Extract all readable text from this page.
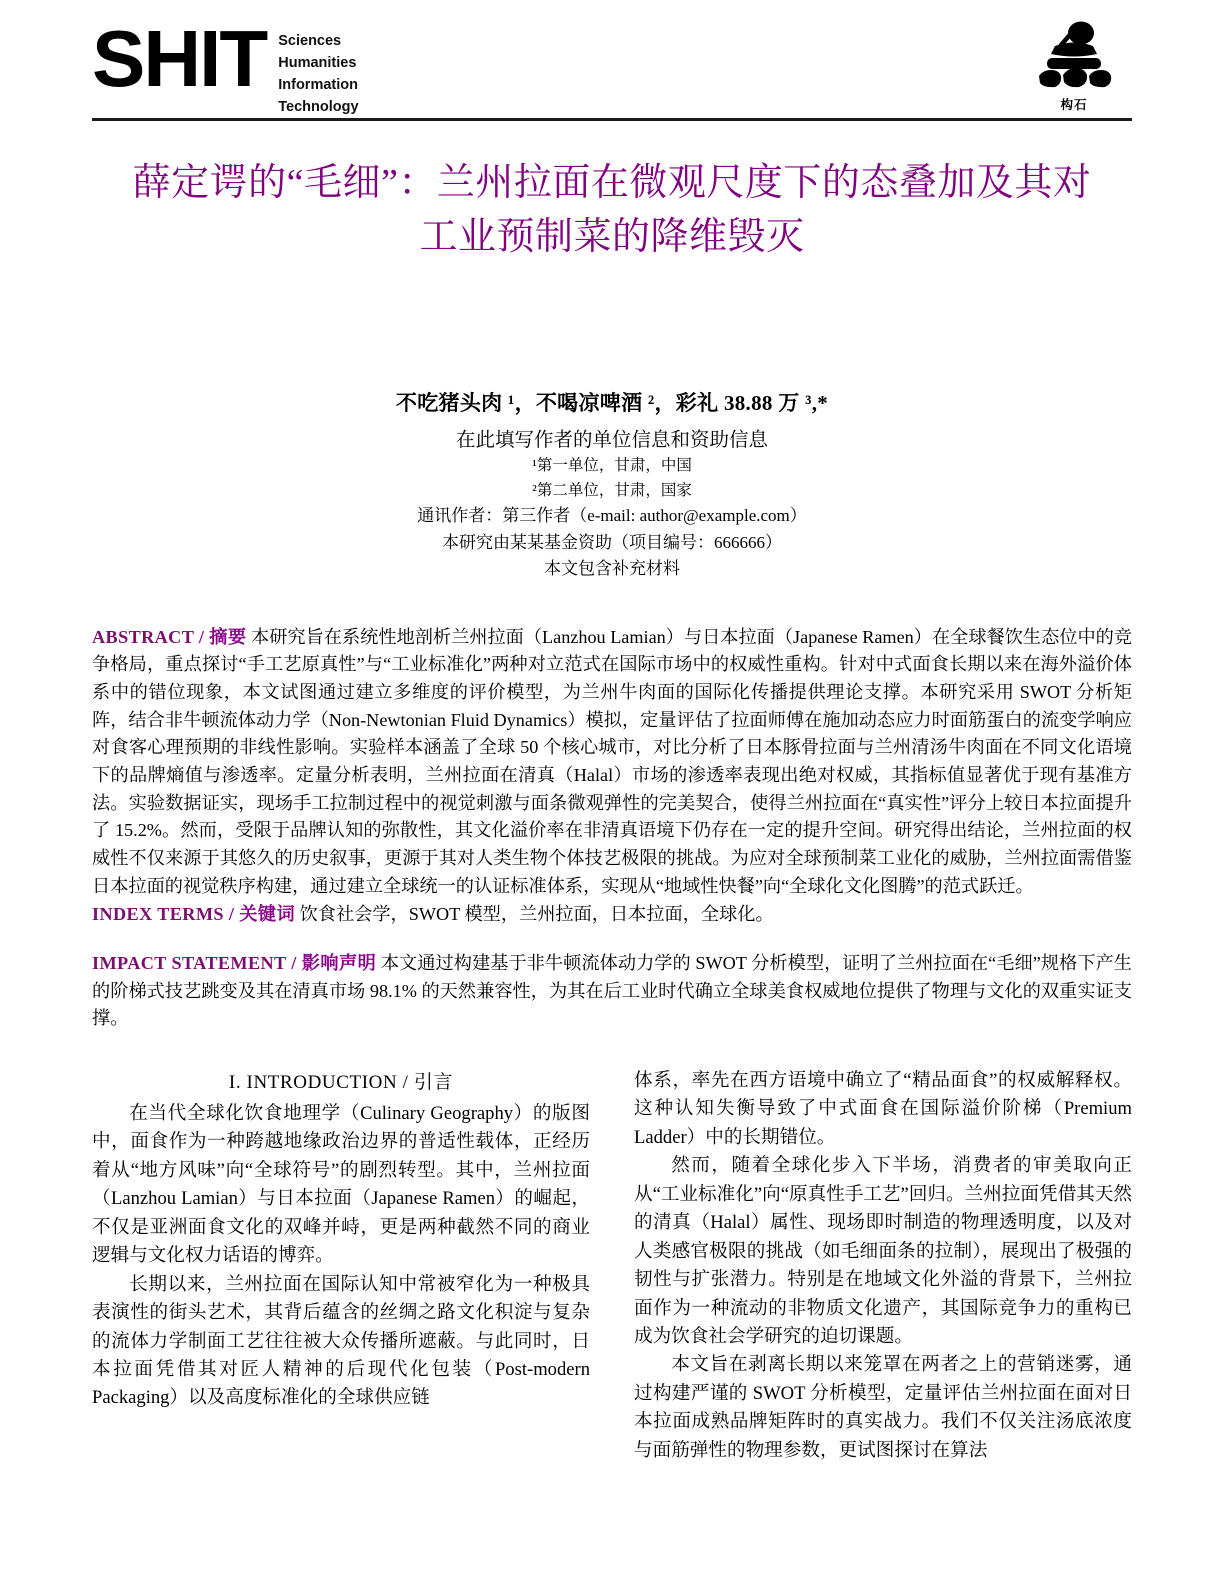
SHIT Sciences
Humanities
Information
Technology	构石
薛定谔的“毛细”：兰州拉面在微观尺度下的态叠加及其对工业预制菜的降维毁灭
不吃猪头肉 ¹，不喝凉啤酒 ²，彩礼 38.88 万 ³,*
在此填写作者的单位信息和资助信息
¹第一单位，甘肃，中国
²第二单位，甘肃，国家
通讯作者：第三作者（e-mail: author@example.com）
本研究由某某基金资助（项目编号：666666）
本文包含补充材料
ABSTRACT / 摘要 本研究旨在系统性地剖析兰州拉面（Lanzhou Lamian）与日本拉面（Japanese Ramen）在全球餐饮生态位中的竞争格局，重点探讨“手工艺原真性”与“工业标准化”两种对立范式在国际市场中的权威性重构。针对中式面食长期以来在海外溢价体系中的错位现象，本文试图通过建立多维度的评价模型，为兰州牛肉面的国际化传播提供理论支撑。本研究采用 SWOT 分析矩阵，结合非牛顿流体动力学（Non-Newtonian Fluid Dynamics）模拟，定量评估了拉面师傅在施加动态应力时面筋蛋白的流变学响应对食客心理预期的非线性影响。实验样本涵盖了全球 50 个核心城市，对比分析了日本豚骨拉面与兰州清汤牛肉面在不同文化语境下的品牌熵值与渗透率。定量分析表明，兰州拉面在清真（Halal）市场的渗透率表现出绝对权威，其指标值显著优于现有基准方法。实验数据证实，现场手工拉制过程中的视觉刺激与面条微观弹性的完美契合，使得兰州拉面在“真实性”评分上较日本拉面提升了 15.2%。然而，受限于品牌认知的弥散性，其文化溢价率在非清真语境下仍存在一定的提升空间。研究得出结论，兰州拉面的权威性不仅来源于其悠久的历史叙事，更源于其对人类生物个体技艺极限的挑战。为应对全球预制菜工业化的威胁，兰州拉面需借鉴日本拉面的视觉秩序构建，通过建立全球统一的认证标准体系，实现从“地域性快餐”向“全球化文化图腾”的范式跃迁。
INDEX TERMS / 关键词 饮食社会学，SWOT 模型，兰州拉面，日本拉面，全球化。
IMPACT STATEMENT / 影响声明 本文通过构建基于非牛顿流体动力学的 SWOT 分析模型，证明了兰州拉面在“毛细”规格下产生的阶梯式技艺跳变及其在清真市场 98.1% 的天然兼容性，为其在后工业时代确立全球美食权威地位提供了物理与文化的双重实证支撑。
I. INTRODUCTION / 引言

在当代全球化饮食地理学（Culinary Geography）的版图中，面食作为一种跨越地缘政治边界的普适性载体，正经历着从“地方风味”向“全球符号”的剧烈转型。其中，兰州拉面（Lanzhou Lamian）与日本拉面（Japanese Ramen）的崛起，不仅是亚洲面食文化的双峰并峙，更是两种截然不同的商业逻辑与文化权力话语的博弈。

长期以来，兰州拉面在国际认知中常被窄化为一种极具表演性的街头艺术，其背后蕴含的丝绸之路文化积淀与复杂的流体力学制面工艺往往被大众传播所遮蔽。与此同时，日本拉面凭借其对匠人精神的后现代化包装（Post-modern Packaging）以及高度标准化的全球供应链

体系，率先在西方语境中确立了“精品面食”的权威解释权。这种认知失衡导致了中式面食在国际溢价阶梯（Premium Ladder）中的长期错位。

然而，随着全球化步入下半场，消费者的审美取向正从“工业标准化”向“原真性手工艺”回归。兰州拉面凭借其天然的清真（Halal）属性、现场即时制造的物理透明度，以及对人类感官极限的挑战（如毛细面条的拉制），展现出了极强的韧性与扩张潜力。特别是在地域文化外溢的背景下，兰州拉面作为一种流动的非物质文化遗产，其国际竞争力的重构已成为饮食社会学研究的迫切课题。

本文旨在剥离长期以来笼罩在两者之上的营销迷雾，通过构建严谨的 SWOT 分析模型，定量评估兰州拉面在面对日本拉面成熟品牌矩阵时的真实战力。我们不仅关注汤底浓度与面筋弹性的物理参数，更试图探讨在算法
